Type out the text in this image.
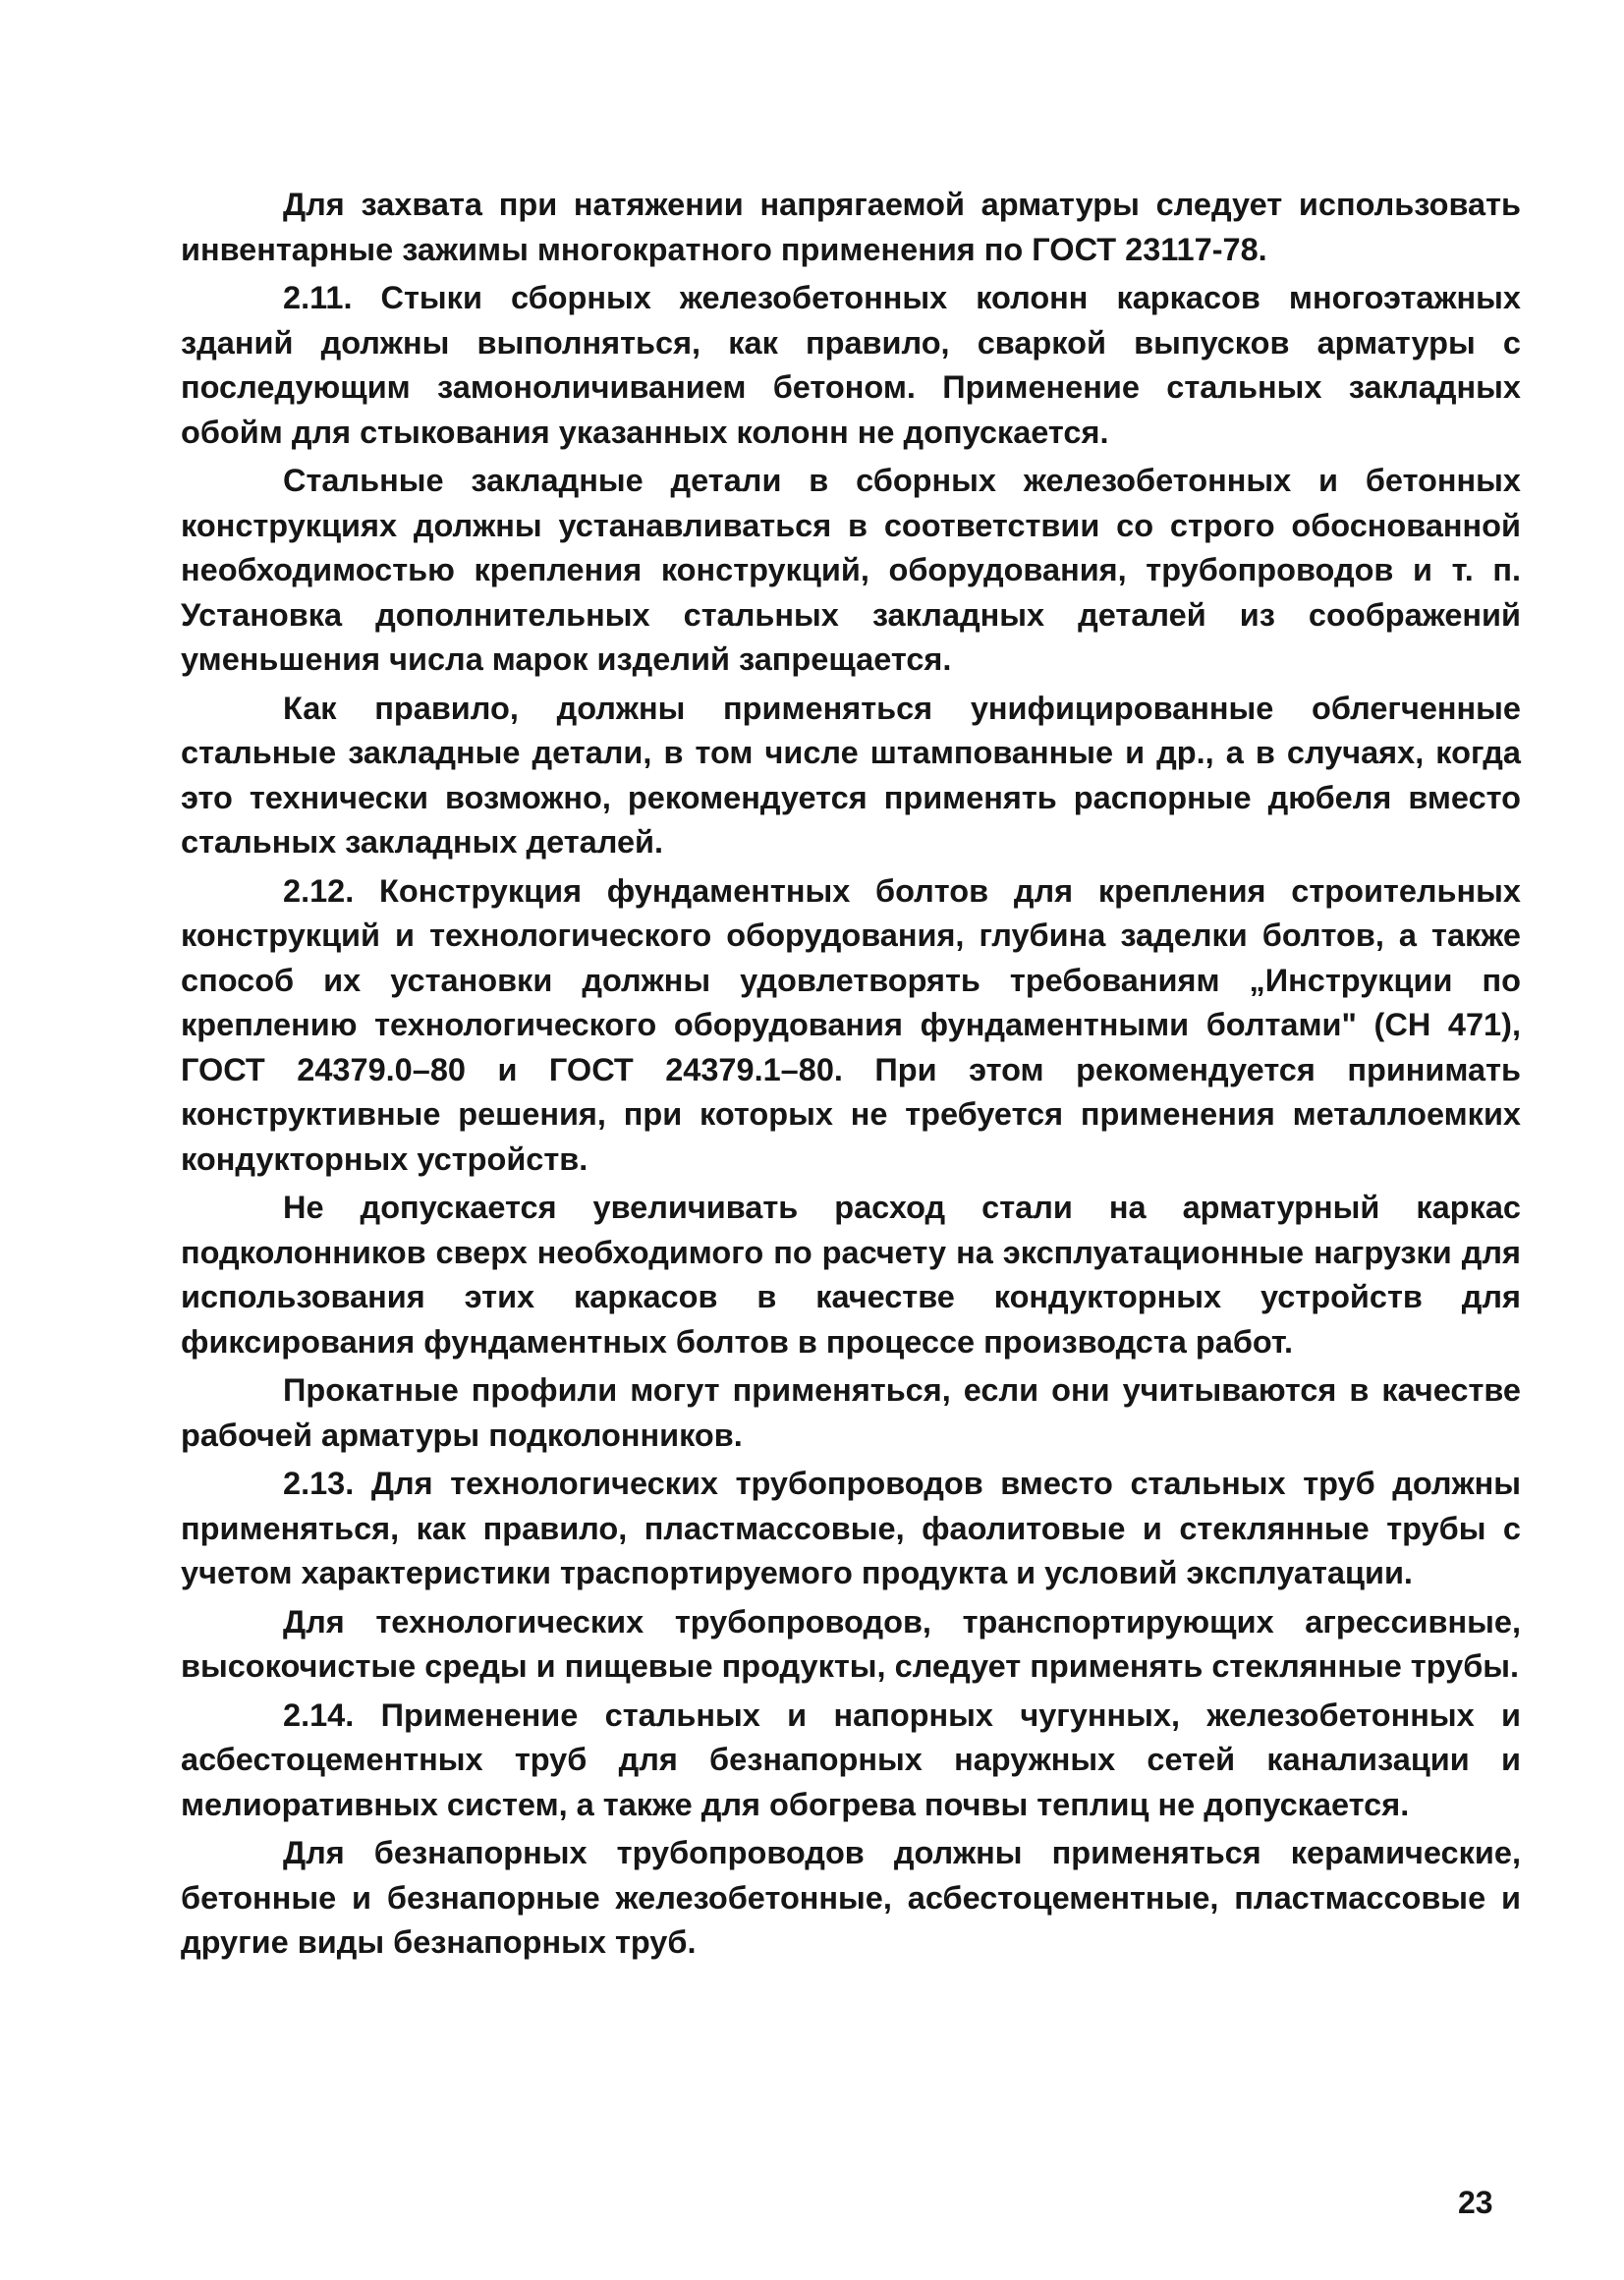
Для захвата при натяжении напрягаемой арматуры следует использовать инвентарные зажимы многократного применения по ГОСТ 23117-78.

2.11. Стыки сборных железобетонных колонн каркасов многоэтажных зданий должны выполняться, как правило, сваркой выпусков арматуры с последующим замоноличиванием бетоном. Применение стальных закладных обойм для стыкования указанных колонн не допускается.

Стальные закладные детали в сборных железобетонных и бетонных конструкциях должны устанавливаться в соответствии со строго обоснованной необходимостью крепления конструкций, оборудования, трубопроводов и т. п. Установка дополнительных стальных закладных деталей из соображений уменьшения числа марок изделий запрещается.

Как правило, должны применяться унифицированные облегченные стальные закладные детали, в том числе штампованные и др., а в случаях, когда это технически возможно, рекомендуется применять распорные дюбеля вместо стальных закладных деталей.

2.12. Конструкция фундаментных болтов для крепления строительных конструкций и технологического оборудования, глубина заделки болтов, а также способ их установки должны удовлетворять требованиям „Инструкции по креплению технологического оборудования фундаментными болтами" (СН 471), ГОСТ 24379.0–80 и ГОСТ 24379.1–80. При этом рекомендуется принимать конструктивные решения, при которых не требуется применения металлоемких кондукторных устройств.

Не допускается увеличивать расход стали на арматурный каркас подколонников сверх необходимого по расчету на эксплуатационные нагрузки для использования этих каркасов в качестве кондукторных устройств для фиксирования фундаментных болтов в процессе производста работ.

Прокатные профили могут применяться, если они учитываются в качестве рабочей арматуры подколонников.

2.13. Для технологических трубопроводов вместо стальных труб должны применяться, как правило, пластмассовые, фаолитовые и стеклянные трубы с учетом характеристики траспортируемого продукта и условий эксплуатации.

Для технологических трубопроводов, транспортирующих агрессивные, высокочистые среды и пищевые продукты, следует применять стеклянные трубы.

2.14. Применение стальных и напорных чугунных, железобетонных и асбестоцементных труб для безнапорных наружных сетей канализации и мелиоративных систем, а также для обогрева почвы теплиц не допускается.

Для безнапорных трубопроводов должны применяться керамические, бетонные и безнапорные железобетонные, асбестоцементные, пластмассовые и другие виды безнапорных труб.

23
